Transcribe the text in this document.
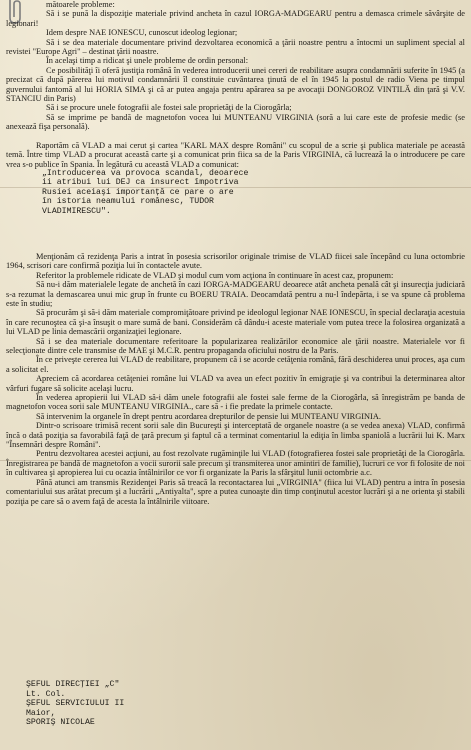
mătoarele probleme:

Să i se pună la dispoziţie materiale privind ancheta în cazul IORGA-MADGEARU pentru a demasca crimele săvârşite de legionari!

Idem despre NAE IONESCU, cunoscut ideolog legionar;

Să i se dea materiale documentare privind dezvoltarea economică a ţării noastre pentru a întocmi un supliment special al revistei "Europe Agri" – destinat ţării noastre.

În acelaşi timp a ridicat şi unele probleme de ordin personal:

Ce posibilităţi îi oferă justiţia română în vederea introducerii unei cereri de reabilitare asupra condamnării suferite în 1945 (a precizat că după părerea lui motivul condamnării îl constituie cuvântarea ţinută de el în 1945 la postul de radio Viena pe timpul guvernului fantomă al lui HORIA SIMA şi că ar putea angaja pentru apărarea sa pe avocaţii DONGOROZ VINTILĂ din ţară şi V.V. STANCIU din Paris)

Să i se procure unele fotografii ale fostei sale proprietăţi de la Ciorogârla;

Să se imprime pe bandă de magnetofon vocea lui MUNTEANU VIRGINIA (soră a lui care este de profesie medic (se anexează fişa personală).

Raportăm că VLAD a mai cerut şi cartea "KARL MAX despre Români" cu scopul de a scrie şi publica materiale pe această temă. Între timp VLAD a procurat această carte şi a comunicat prin fiica sa de la Paris VIRGINIA, că lucrează la o introducere pe care vrea s-o publice în Spania. În legătură cu această VLAD a comunicat:

„Introducerea va provoca scandal, deoarece

ii atribui lui DEJ ca insurect împotriva

Rusiei aceiaşi importanţă ce pare o are

în istoria neamului românesc, TUDOR

VLADIMIRESCU".

Menţionăm că rezidenţa Paris a intrat în posesia scrisorilor originale trimise de VLAD fiicei sale începând cu luna octombrie 1964, scrisori care confirmă poziţia lui în contactele avute.

Referitor la problemele ridicate de VLAD şi modul cum vom acţiona în continuare în acest caz, propunem:

Să nu-i dăm materialele legate de anchetă în cazi IORGA-MADGEARU deoarece atât ancheta penală cât şi insurecţia judiciară s-a rezumat la demascarea unui mic grup în frunte cu BOERU TRAIA. Deocamdată pentru a nu-l îndepărta, i se va spune că problema este în studiu;

Să procurăm şi să-i dăm materiale compromiţătoare privind pe ideologul legionar NAE IONESCU, în special declaraţia acestuia în care recunoştea că şi-a însuşit o mare sumă de bani. Considerăm că dându-i aceste materiale vom putea trece la folosirea organizată a lui VLAD pe linia demascării organizaţiei legionare.

Să i se dea materiale documentare referitoare la popularizarea realizărilor economice ale ţării noastre. Materialele vor fi selecţionate dintre cele transmise de MAE şi M.C.R. pentru propaganda oficiului nostru de la Paris.

În ce priveşte cererea lui VLAD de reabilitare, propunem că i se acorde cetăţenia română, fără deschiderea unui proces, aşa cum a solicitat el.

Apreciem că acordarea cetăţeniei române lui VLAD va avea un efect pozitiv în emigraţie şi va contribui la determinarea altor vârfuri fugare să solicite acelaşi lucru.

În vederea apropierii lui VLAD să-i dăm unele fotografii ale fostei sale ferme de la Ciorogârla, să înregistrăm pe banda de magnetofon vocea sorii sale MUNTEANU VIRGINIA., care să - i fie predate la primele contacte.

Să intervenim la organele în drept pentru acordarea drepturilor de pensie lui MUNTEANU VIRGINIA.

Dintr-o scrisoare trimisă recent sorii sale din Bucureşti şi interceptată de organele noastre (a se vedea anexa) VLAD, confirmă încă o dată poziţia sa favorabilă faţă de ţară precum şi faptul că a terminat comentariul la ediţia în limba spaniolă a lucrării lui K. Marx "Însemnări despre Români".

Pentru dezvoltarea acestei acţiuni, au fost rezolvate rugăminţile lui VLAD (fotografierea fostei sale proprietăţi de la Ciorogârla. Înregistrarea pe bandă de magnetofon a vocii surorii sale precum şi transmiterea unor amintiri de familie), lucruri ce vor fi folosite de noi în cultivarea şi apropierea lui cu ocazia întâlnirilor ce vor fi organizate la Paris la sfârşitul lunii octombrie a.c.

Până atunci am transmis Rezidenţei Paris să treacă la recontactarea lui „VIRGINIA" (fiica lui VLAD) pentru a intra în posesia comentariului sus arătat precum şi a lucrării „Antiyalta", spre a putea cunoaşte din timp conţinutul acestor lucrări şi a ne orienta şi stabili poziţia pe care să o avem faţă de acesta la întâlnirile viitoare.

ŞEFUL DIRECŢIEI „C"

Lt. Col.

ŞEFUL SERVICIULUI II

Maior,

SPORIŞ NICOLAE
